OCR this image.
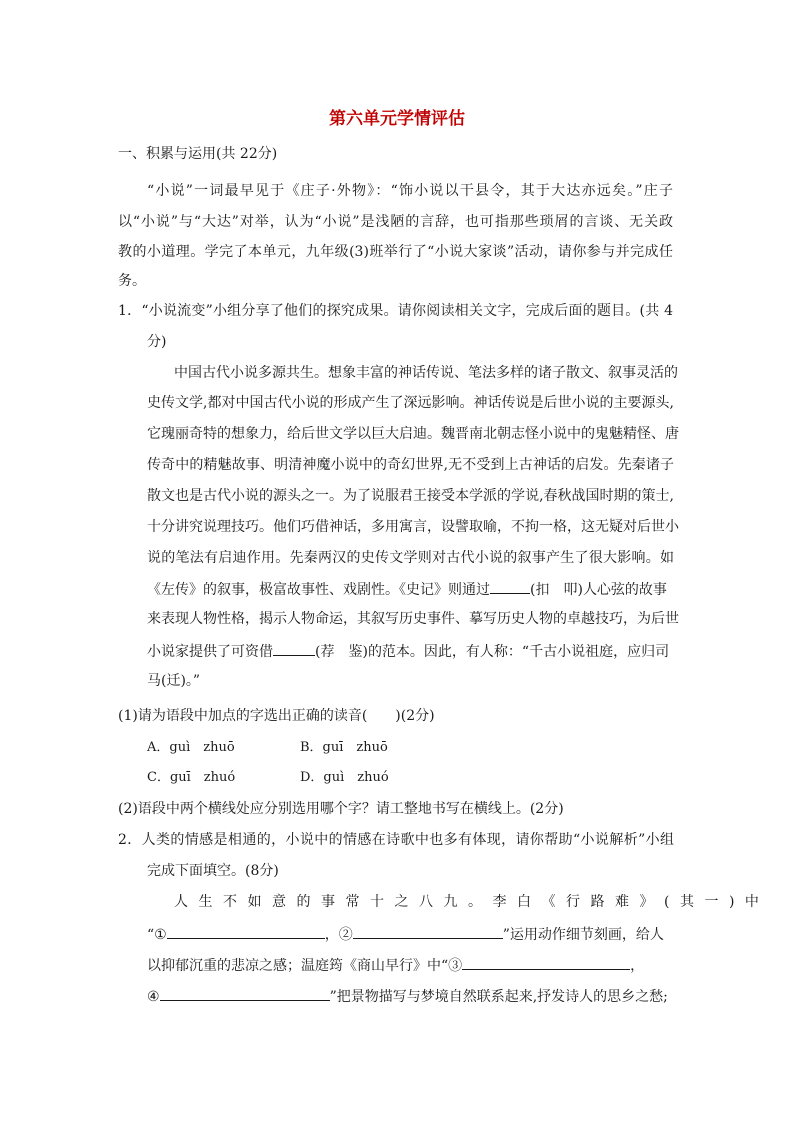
第六单元学情评估
一、积累与运用(共 22分)
“小说”一词最早见于《庄子·外物》：“饰小说以干县令，其于大达亦远矣。”庄子
以“小说”与“大达”对举，认为“小说”是浅陋的言辞，也可指那些琐屑的言谈、无关政
教的小道理。学完了本单元，九年级(3)班举行了“小说大家谈”活动，请你参与并完成任
务。
1．“小说流变”小组分享了他们的探究成果。请你阅读相关文字，完成后面的题目。(共 4
分)
中国古代小说多源共生。想象丰富的神话传说、笔法多样的诸子散文、叙事灵活的
史传文学,都对中国古代小说的形成产生了深远影响。神话传说是后世小说的主要源头,
它瑰丽奇特的想象力，给后世文学以巨大启迪。魏晋南北朝志怪小说中的鬼魅精怪、唐
传奇中的精魅故事、明清神魔小说中的奇幻世界,无不受到上古神话的启发。先秦诸子
散文也是古代小说的源头之一。为了说服君王接受本学派的学说,春秋战国时期的策士,
十分讲究说理技巧。他们巧借神话，多用寓言，设譬取喻，不拘一格，这无疑对后世小
说的笔法有启迪作用。先秦两汉的史传文学则对古代小说的叙事产生了很大影响。如
《左传》的叙事，极富故事性、戏剧性。《史记》则通过	(扣　叩)人心弦的故事
来表现人物性格，揭示人物命运，其叙写历史事件、摹写历史人物的卓越技巧，为后世
小说家提供了可资借	(荐　鉴)的范本。因此，有人称：“千古小说祖庭，应归司
马(迁)。”
(1)请为语段中加点的字选出正确的读音(　　)(2分)
A．guì　zhuō	B．guī　zhuō
C．guī　zhuó	D．guì　zhuó
(2)语段中两个横线处应分别选用哪个字？请工整地书写在横线上。(2分)
2．人类的情感是相通的，小说中的情感在诗歌中也多有体现，请你帮助“小说解析”小组
完成下面填空。(8分)
人生不如意的事常十之八九。李白《行路难》(其一)中
“①	，②	”运用动作细节刻画，给人
以抑郁沉重的悲凉之感；温庭筠《商山早行》中“③	，
④	”把景物描写与梦境自然联系起来,抒发诗人的思乡之愁;
